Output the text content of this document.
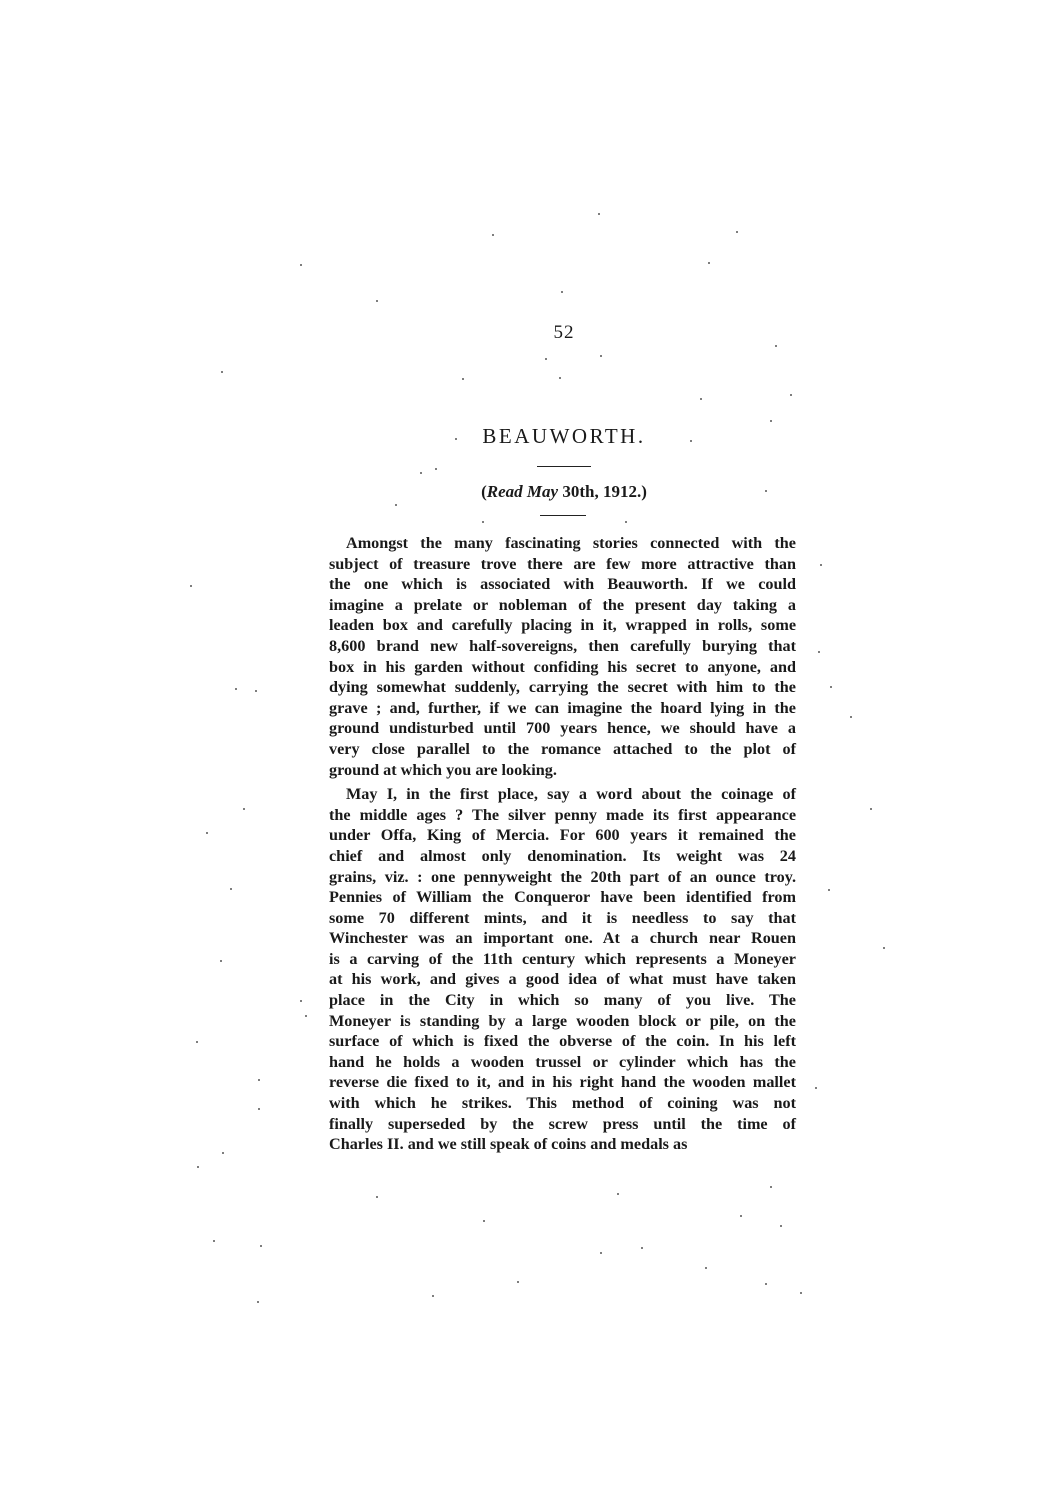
52
BEAUWORTH.
(Read May 30th, 1912.)
Amongst the many fascinating stories connected with the
subject of treasure trove there are few more attractive than
the one which is associated with Beauworth. If we could
imagine a prelate or nobleman of the present day taking a
leaden box and carefully placing in it, wrapped in rolls, some
8,600 brand new half-sovereigns, then carefully burying that
box in his garden without confiding his secret to anyone, and
dying somewhat suddenly, carrying the secret with him to the
grave ; and, further, if we can imagine the hoard lying in the
ground undisturbed until 700 years hence, we should have a
very close parallel to the romance attached to the plot of
ground at which you are looking.
May I, in the first place, say a word about the coinage of
the middle ages ? The silver penny made its first appearance
under Offa, King of Mercia. For 600 years it remained the
chief and almost only denomination. Its weight was 24
grains, viz. : one pennyweight the 20th part of an ounce troy.
Pennies of William the Conqueror have been identified from
some 70 different mints, and it is needless to say that
Winchester was an important one. At a church near Rouen
is a carving of the 11th century which represents a Moneyer
at his work, and gives a good idea of what must have taken
place in the City in which so many of you live. The
Moneyer is standing by a large wooden block or pile, on the
surface of which is fixed the obverse of the coin. In his left
hand he holds a wooden trussel or cylinder which has the
reverse die fixed to it, and in his right hand the wooden mallet
with which he strikes. This method of coining was not
finally superseded by the screw press until the time of
Charles II. and we still speak of coins and medals as
